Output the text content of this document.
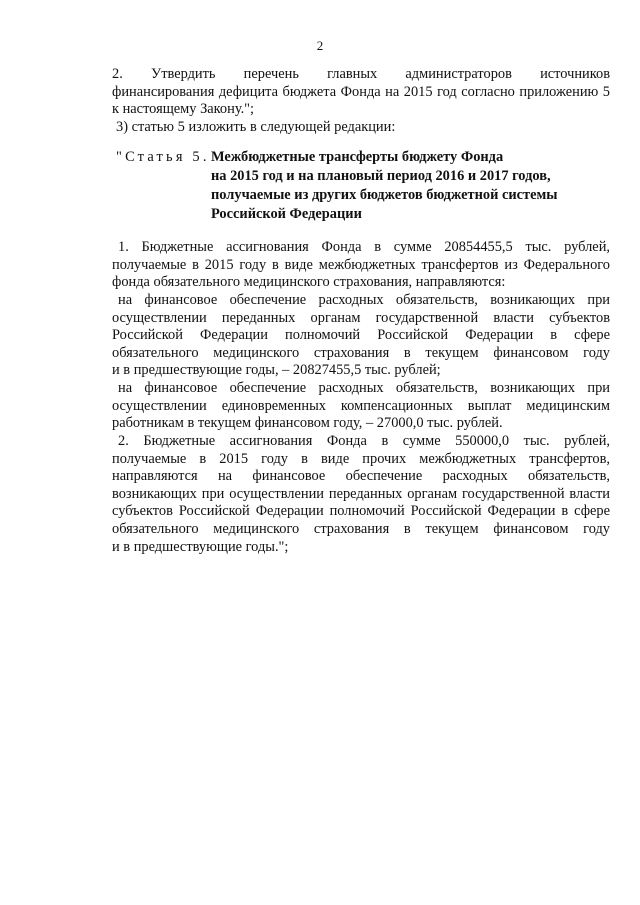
2
2. Утвердить перечень главных администраторов источников
финансирования дефицита бюджета Фонда на 2015 год согласно приложению 5
к настоящему Закону.";
3) статью 5 изложить в следующей редакции:
"Статья 5. Межбюджетные трансферты бюджету Фонда
на 2015 год и на плановый период 2016 и 2017 годов,
получаемые из других бюджетов бюджетной системы
Российской Федерации
1. Бюджетные ассигнования Фонда в сумме 20854455,5 тыс. рублей,
получаемые в 2015 году в виде межбюджетных трансфертов из Федерального
фонда обязательного медицинского страхования, направляются:
на финансовое обеспечение расходных обязательств, возникающих при
осуществлении переданных органам государственной власти субъектов
Российской Федерации полномочий Российской Федерации в сфере
обязательного медицинского страхования в текущем финансовом году
и в предшествующие годы, – 20827455,5 тыс. рублей;
на финансовое обеспечение расходных обязательств, возникающих при
осуществлении единовременных компенсационных выплат медицинским
работникам в текущем финансовом году, – 27000,0 тыс. рублей.
2. Бюджетные ассигнования Фонда в сумме 550000,0 тыс. рублей,
получаемые в 2015 году в виде прочих межбюджетных трансфертов,
направляются на финансовое обеспечение расходных обязательств,
возникающих при осуществлении переданных органам государственной власти
субъектов Российской Федерации полномочий Российской Федерации в сфере
обязательного медицинского страхования в текущем финансовом году
и в предшествующие годы.";
